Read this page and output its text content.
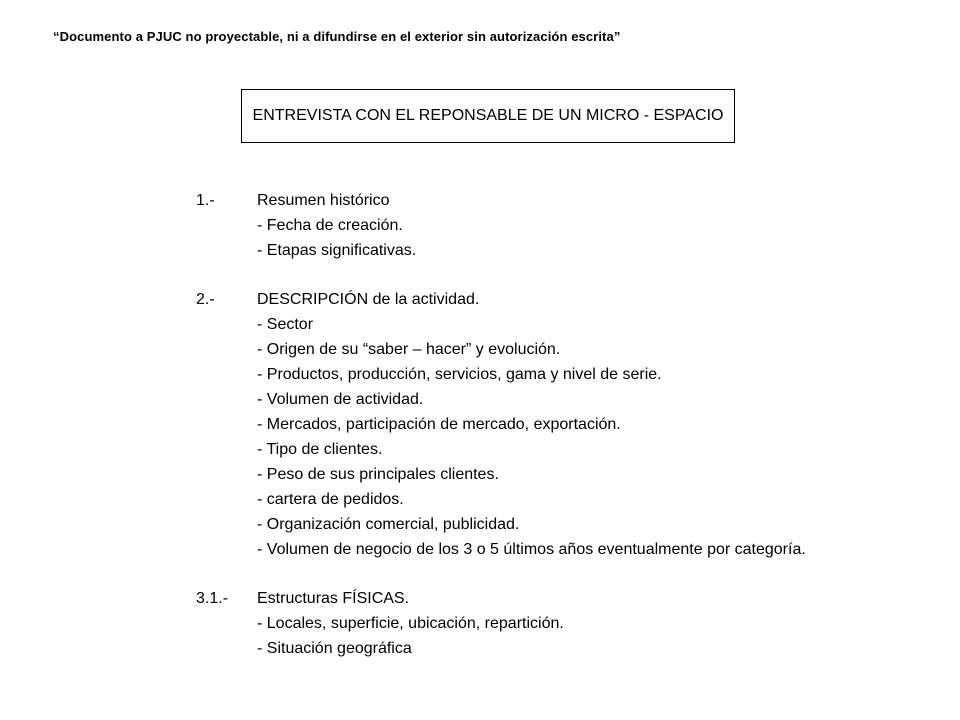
“Documento a PJUC no proyectable, ni a difundirse en el exterior sin autorización escrita”
ENTREVISTA CON EL REPONSABLE DE UN MICRO - ESPACIO
1.-	Resumen histórico
- Fecha de creación.
- Etapas significativas.
2.-	DESCRIPCIÓN de la actividad.
- Sector
- Origen de su “saber – hacer” y evolución.
- Productos, producción, servicios, gama y nivel de serie.
- Volumen de actividad.
- Mercados, participación de mercado, exportación.
- Tipo de clientes.
- Peso de sus principales clientes.
- cartera de pedidos.
- Organización comercial, publicidad.
- Volumen de negocio de los 3 o 5 últimos años eventualmente por categoría.
3.1.- Estructuras FÍSICAS.
- Locales, superficie, ubicación, repartición.
- Situación geográfica
